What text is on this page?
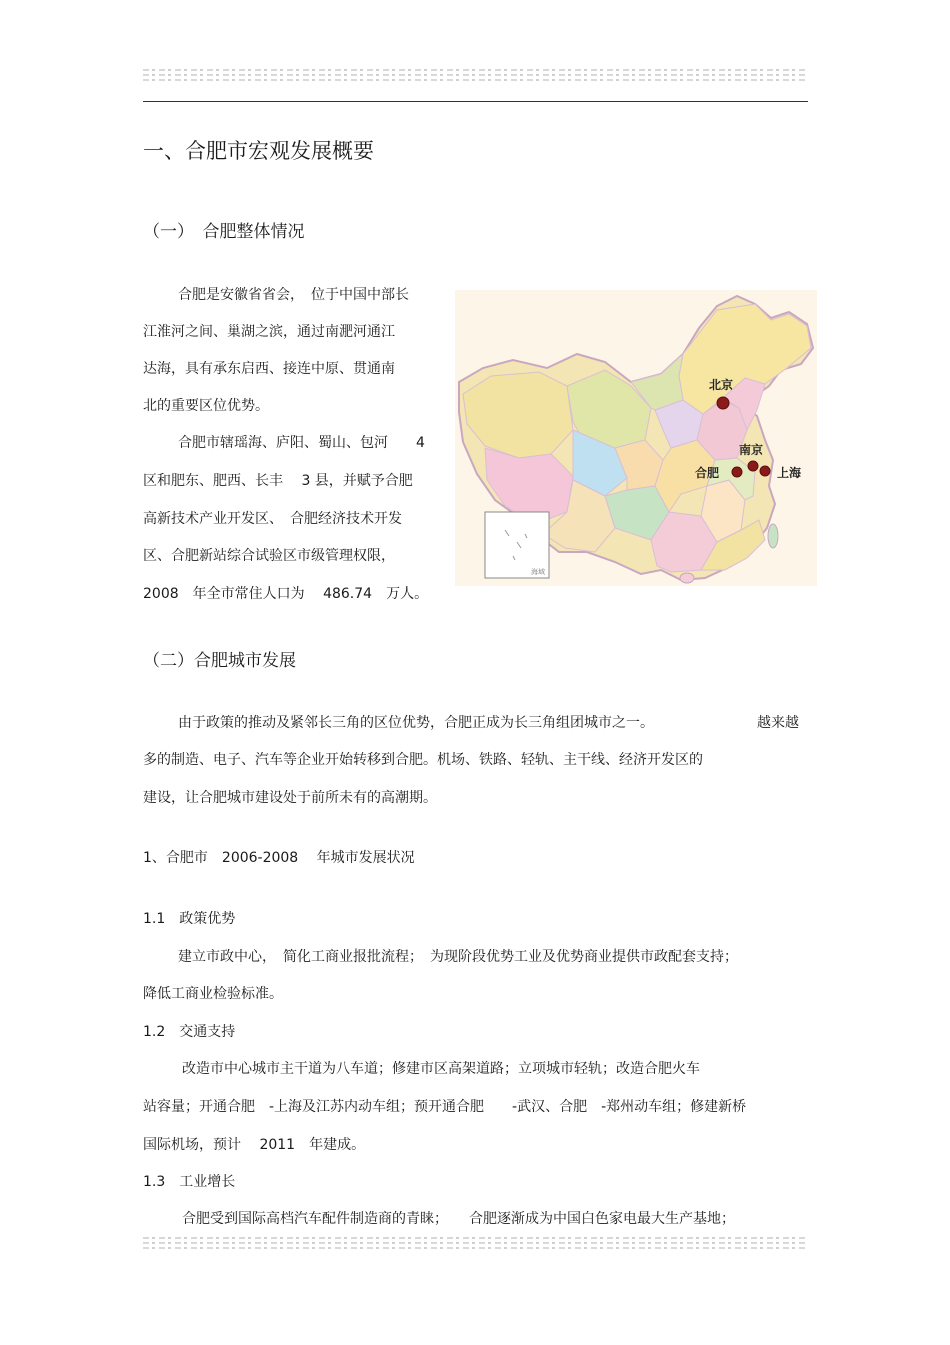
一、合肥市宏观发展概要
（一）　合肥整体情况
合肥是安徽省省会，　位于中国中部长
江淮河之间、巢湖之滨，通过南淝河通江
达海，具有承东启西、接连中原、贯通南
北的重要区位优势。
合肥市辖瑶海、庐阳、蜀山、包河　　4
区和肥东、肥西、长丰　 3 县，并赋予合肥
高新技术产业开发区、　合肥经济技术开发
区、合肥新站综合试验区市级管理权限，
2008　年全市常住人口为　 486.74　万人。
海域
北京
南京
合肥	上海
（二）合肥城市发展
由于政策的推动及紧邻长三角的区位优势，合肥正成为长三角组团城市之一。	越来越
多的制造、电子、汽车等企业开始转移到合肥。机场、铁路、轻轨、主干线、经济开发区的
建设，让合肥城市建设处于前所未有的高潮期。
1、合肥市　2006-2008　 年城市发展状况
1.1　政策优势
建立市政中心，　简化工商业报批流程；　为现阶段优势工业及优势商业提供市政配套支持；
降低工商业检验标准。
1.2　交通支持
改造市中心城市主干道为八车道；修建市区高架道路；立项城市轻轨；改造合肥火车
站容量；开通合肥　-上海及江苏内动车组；预开通合肥　　-武汉、合肥　-郑州动车组；修建新桥
国际机场，预计　 2011　年建成。
1.3　工业增长
合肥受到国际高档汽车配件制造商的青睐；　　合肥逐渐成为中国白色家电最大生产基地；
